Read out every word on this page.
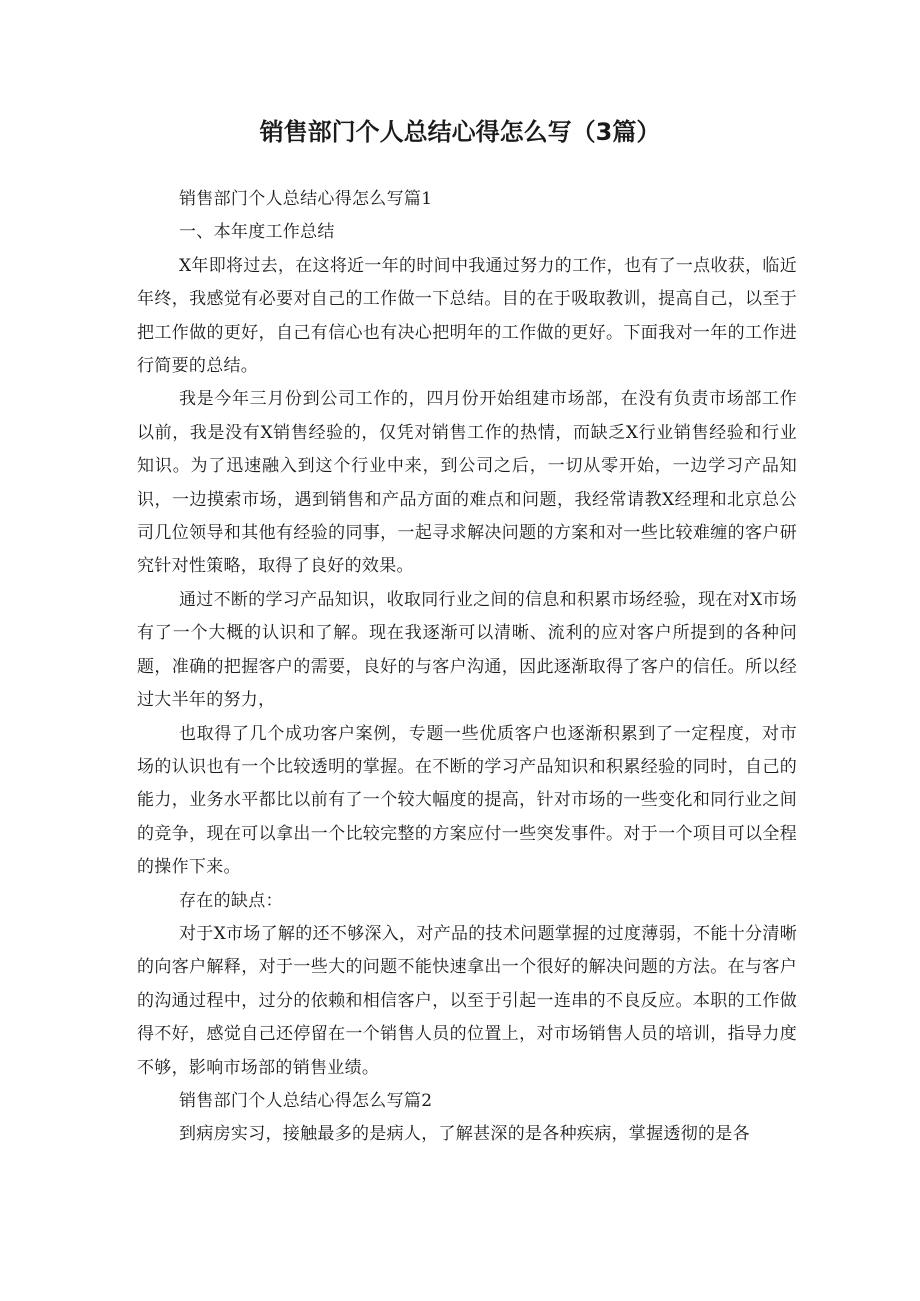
销售部门个人总结心得怎么写（3篇）

销售部门个人总结心得怎么写篇1

一、本年度工作总结

X年即将过去，在这将近一年的时间中我通过努力的工作，也有了一点收获，临近年终，我感觉有必要对自己的工作做一下总结。目的在于吸取教训，提高自己，以至于把工作做的更好，自己有信心也有决心把明年的工作做的更好。下面我对一年的工作进行简要的总结。

我是今年三月份到公司工作的，四月份开始组建市场部，在没有负责市场部工作以前，我是没有X销售经验的，仅凭对销售工作的热情，而缺乏X行业销售经验和行业知识。为了迅速融入到这个行业中来，到公司之后，一切从零开始，一边学习产品知识，一边摸索市场，遇到销售和产品方面的难点和问题，我经常请教X经理和北京总公司几位领导和其他有经验的同事，一起寻求解决问题的方案和对一些比较难缠的客户研究针对性策略，取得了良好的效果。

通过不断的学习产品知识，收取同行业之间的信息和积累市场经验，现在对X市场有了一个大概的认识和了解。现在我逐渐可以清晰、流利的应对客户所提到的各种问题，准确的把握客户的需要，良好的与客户沟通，因此逐渐取得了客户的信任。所以经过大半年的努力，

也取得了几个成功客户案例，专题一些优质客户也逐渐积累到了一定程度，对市场的认识也有一个比较透明的掌握。在不断的学习产品知识和积累经验的同时，自己的能力，业务水平都比以前有了一个较大幅度的提高，针对市场的一些变化和同行业之间的竞争，现在可以拿出一个比较完整的方案应付一些突发事件。对于一个项目可以全程的操作下来。

存在的缺点：

对于X市场了解的还不够深入，对产品的技术问题掌握的过度薄弱，不能十分清晰的向客户解释，对于一些大的问题不能快速拿出一个很好的解决问题的方法。在与客户的沟通过程中，过分的依赖和相信客户，以至于引起一连串的不良反应。本职的工作做得不好，感觉自己还停留在一个销售人员的位置上，对市场销售人员的培训，指导力度不够，影响市场部的销售业绩。

销售部门个人总结心得怎么写篇2

到病房实习，接触最多的是病人，了解甚深的是各种疾病，掌握透彻的是各
